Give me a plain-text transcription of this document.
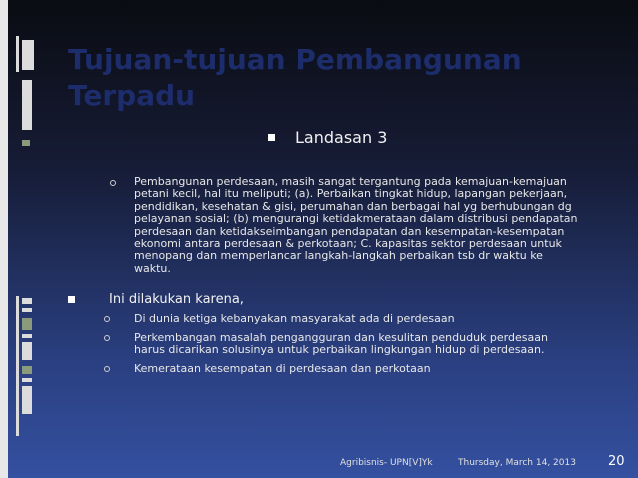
Tujuan-tujuan Pembangunan
Terpadu
Landasan 3

Pembangunan perdesaan, masih sangat tergantung pada kemajuan-kemajuan
petani kecil, hal itu meliputi; (a). Perbaikan tingkat hidup, lapangan pekerjaan,
pendidikan, kesehatan & gisi, perumahan dan berbagai hal yg berhubungan dg
pelayanan sosial; (b) mengurangi ketidakmerataan dalam distribusi pendapatan
perdesaan dan ketidakseimbangan pendapatan dan kesempatan-kesempatan
ekonomi antara perdesaan & perkotaan; C. kapasitas sektor perdesaan untuk
menopang dan memperlancar langkah-langkah perbaikan tsb dr waktu ke
waktu.

Ini dilakukan karena,
Di dunia ketiga kebanyakan masyarakat ada di perdesaan
Perkembangan masalah pengangguran dan kesulitan penduduk perdesaan
harus dicarikan solusinya untuk perbaikan lingkungan hidup di perdesaan.
Kemerataan kesempatan di perdesaan dan perkotaan
Agribisnis- UPN[V]Yk	Thursday, March 14, 2013 20
